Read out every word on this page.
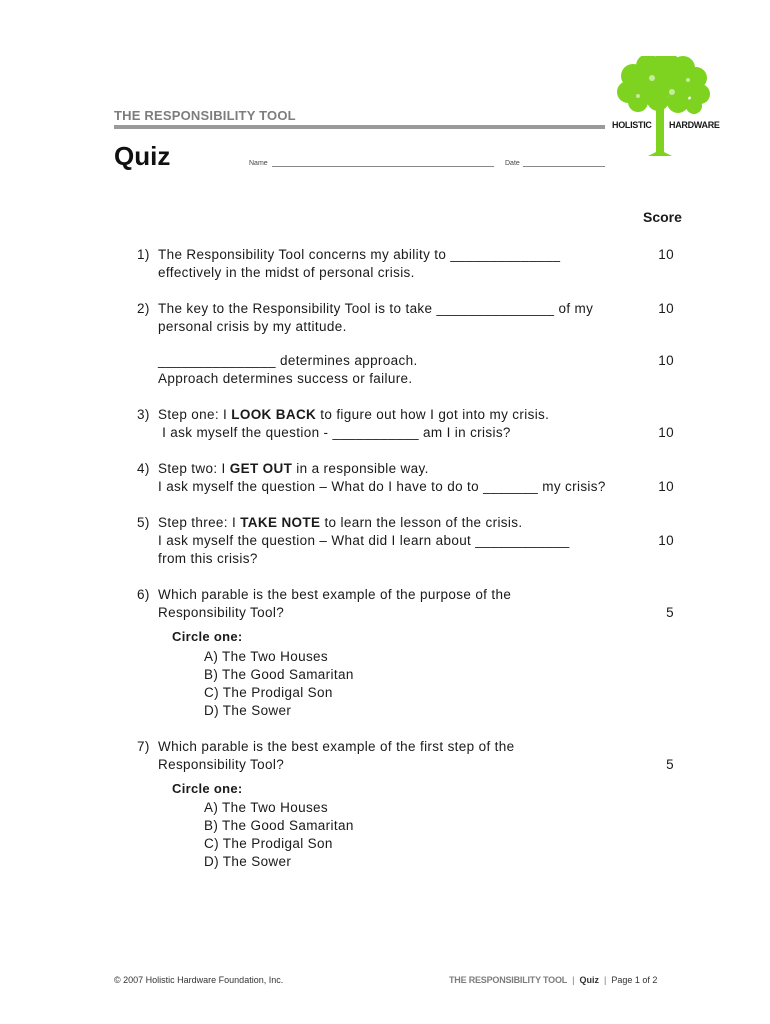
THE RESPONSIBILITY TOOL
Quiz	Name	Date
HOLISTIC HARDWARE
Score
1) The Responsibility Tool concerns my ability to ______________
effectively in the midst of personal crisis.
10
2) The key to the Responsibility Tool is to take _______________ of my
personal crisis by my attitude.
10
_______________ determines approach.
Approach determines success or failure.
10
3) Step one: I LOOK BACK to figure out how I got into my crisis.
I ask myself the question - ___________ am I in crisis?	10
4) Step two: I GET OUT in a responsible way.
I ask myself the question – What do I have to do to _______ my crisis?	10
5) Step three: I TAKE NOTE to learn the lesson of the crisis.
I ask myself the question – What did I learn about ____________
from this crisis?
10
6) Which parable is the best example of the purpose of the
Responsibility Tool?	5
Circle one:
A) The Two Houses
B) The Good Samaritan
C) The Prodigal Son
D) The Sower
7) Which parable is the best example of the first step of the
Responsibility Tool?	5
Circle one:
A) The Two Houses
B) The Good Samaritan
C) The Prodigal Son
D) The Sower
© 2007 Holistic Hardware Foundation, Inc.	THE RESPONSIBILITY TOOL | Quiz | Page 1 of 2
